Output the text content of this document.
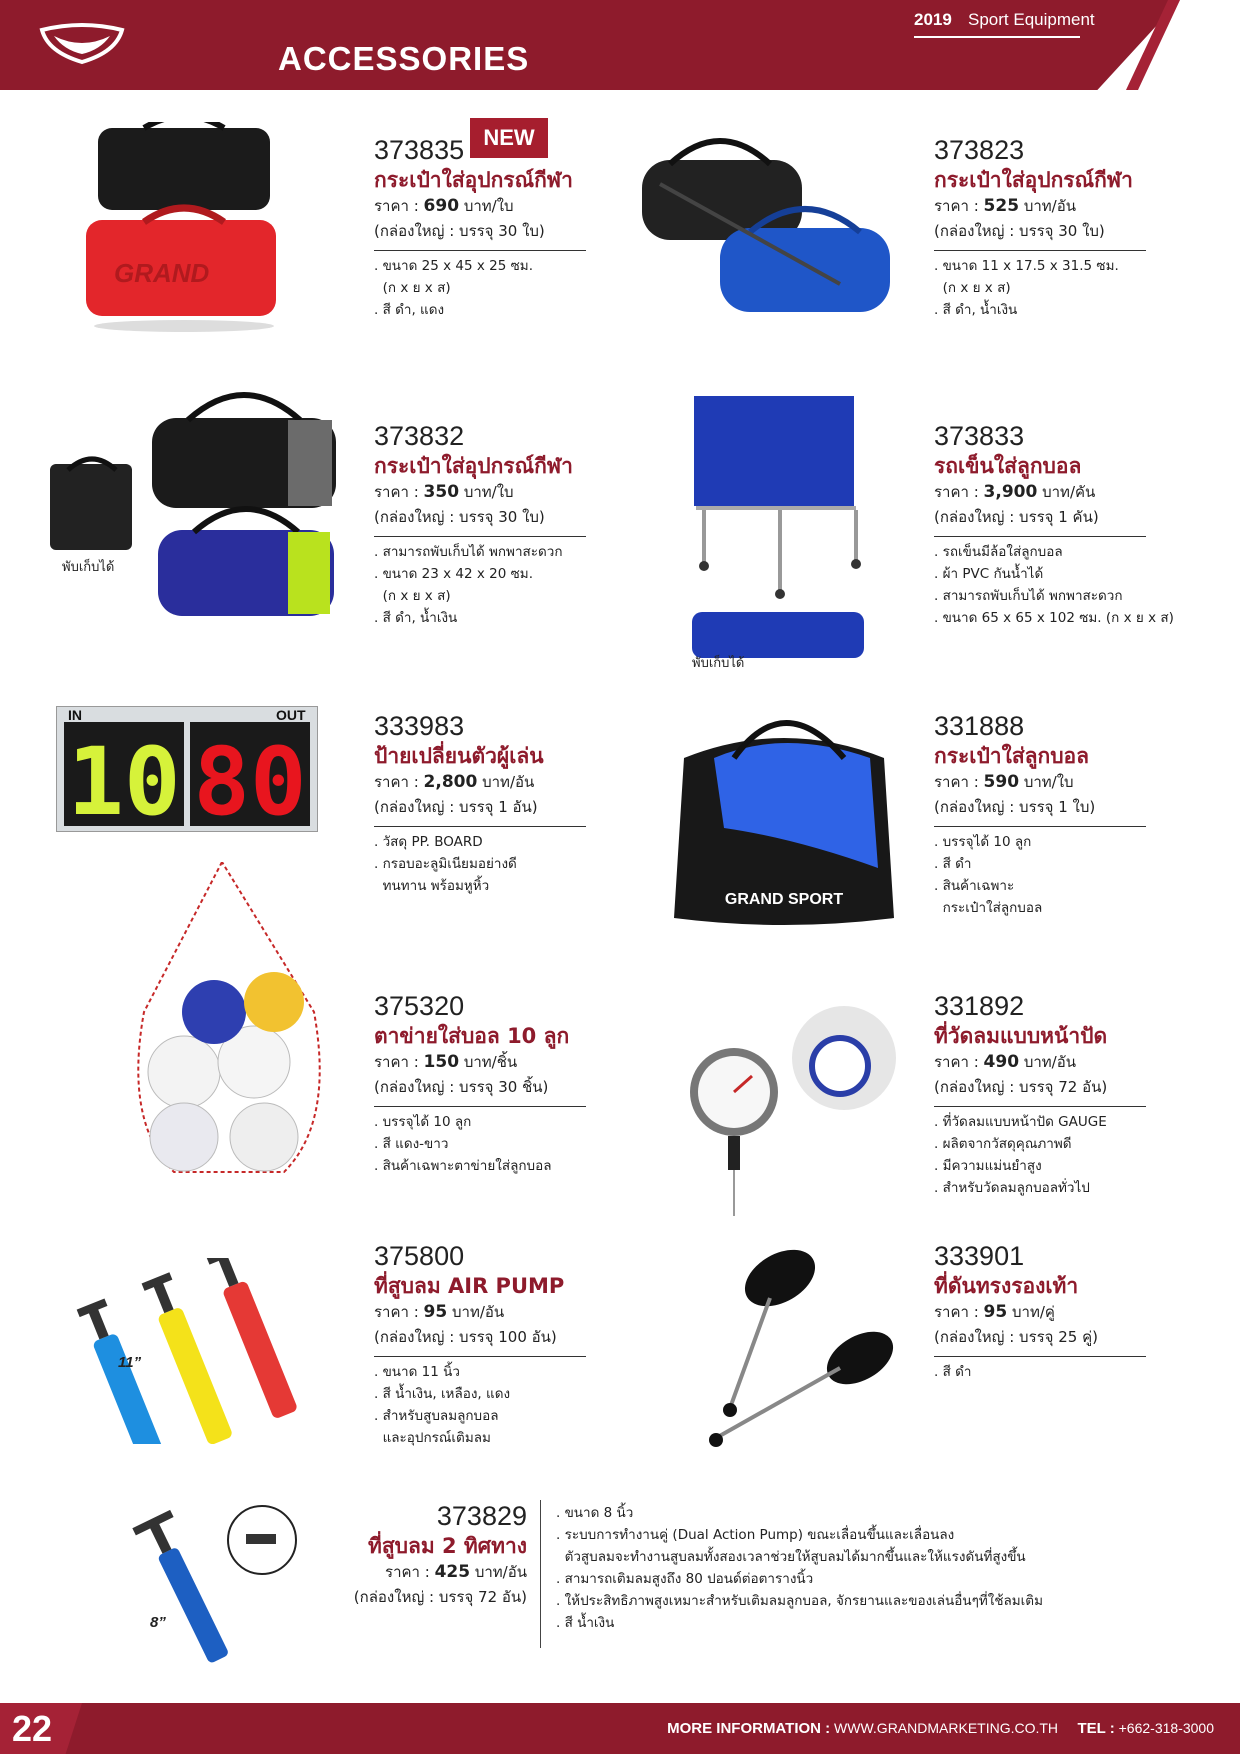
2019 Sport Equipment
ACCESSORIES
GRAND
NEW
373835
กระเป๋าใส่อุปกรณ์กีฬา
ราคา : 690 บาท/ใบ
(กล่องใหญ่ : บรรจุ 30 ใบ)
. ขนาด 25 x 45 x 25 ซม.
(ก x ย x ส)
. สี ดำ, แดง
373823
กระเป๋าใส่อุปกรณ์กีฬา
ราคา : 525 บาท/อัน
(กล่องใหญ่ : บรรจุ 30 ใบ)
. ขนาด 11 x 17.5 x 31.5 ซม.
(ก x ย x ส)
. สี ดำ, น้ำเงิน
พับเก็บได้
373832
กระเป๋าใส่อุปกรณ์กีฬา
ราคา : 350 บาท/ใบ
(กล่องใหญ่ : บรรจุ 30 ใบ)
. สามารถพับเก็บได้ พกพาสะดวก
. ขนาด 23 x 42 x 20 ซม.
(ก x ย x ส)
. สี ดำ, น้ำเงิน
พับเก็บได้
373833
รถเข็นใส่ลูกบอล
ราคา : 3,900 บาท/คัน
(กล่องใหญ่ : บรรจุ 1 คัน)
. รถเข็นมีล้อใส่ลูกบอล
. ผ้า PVC กันน้ำได้
. สามารถพับเก็บได้ พกพาสะดวก
. ขนาด 65 x 65 x 102 ซม. (ก x ย x ส)
IN	OUT
10 80
333983
ป้ายเปลี่ยนตัวผู้เล่น
ราคา : 2,800 บาท/อัน
(กล่องใหญ่ : บรรจุ 1 อัน)
. วัสดุ PP. BOARD
. กรอบอะลูมิเนียมอย่างดี
ทนทาน พร้อมหูหิ้ว
GRAND SPORT
331888
กระเป๋าใส่ลูกบอล
ราคา : 590 บาท/ใบ
(กล่องใหญ่ : บรรจุ 1 ใบ)
. บรรจุได้ 10 ลูก
. สี ดำ
. สินค้าเฉพาะ
กระเป๋าใส่ลูกบอล
375320
ตาข่ายใส่บอล 10 ลูก
ราคา : 150 บาท/ชิ้น
(กล่องใหญ่ : บรรจุ 30 ชิ้น)
. บรรจุได้ 10 ลูก
. สี แดง-ขาว
. สินค้าเฉพาะตาข่ายใส่ลูกบอล
331892
ที่วัดลมแบบหน้าปัด
ราคา : 490 บาท/อัน
(กล่องใหญ่ : บรรจุ 72 อัน)
. ที่วัดลมแบบหน้าปัด GAUGE
. ผลิตจากวัสดุคุณภาพดี
. มีความแม่นยำสูง
. สำหรับวัดลมลูกบอลทั่วไป
11”
375800
ที่สูบลม AIR PUMP
ราคา : 95 บาท/อัน
(กล่องใหญ่ : บรรจุ 100 อัน)
. ขนาด 11 นิ้ว
. สี น้ำเงิน, เหลือง, แดง
. สำหรับสูบลมลูกบอล
และอุปกรณ์เติมลม
333901
ที่ดันทรงรองเท้า
ราคา : 95 บาท/คู่
(กล่องใหญ่ : บรรจุ 25 คู่)
. สี ดำ
8”
373829
ที่สูบลม 2 ทิศทาง
ราคา : 425 บาท/อัน
(กล่องใหญ่ : บรรจุ 72 อัน)
. ขนาด 8 นิ้ว
. ระบบการทำงานคู่ (Dual Action Pump) ขณะเลื่อนขึ้นและเลื่อนลง
ตัวสูบลมจะทำงานสูบลมทั้งสองเวลาช่วยให้สูบลมได้มากขึ้นและให้แรงดันที่สูงขึ้น
. สามารถเติมลมสูงถึง 80 ปอนด์ต่อตารางนิ้ว
. ให้ประสิทธิภาพสูงเหมาะสำหรับเติมลมลูกบอล, จักรยานและของเล่นอื่นๆที่ใช้ลมเติม
. สี น้ำเงิน
22	MORE INFORMATION : WWW.GRANDMARKETING.CO.TH TEL : +662-318-3000
